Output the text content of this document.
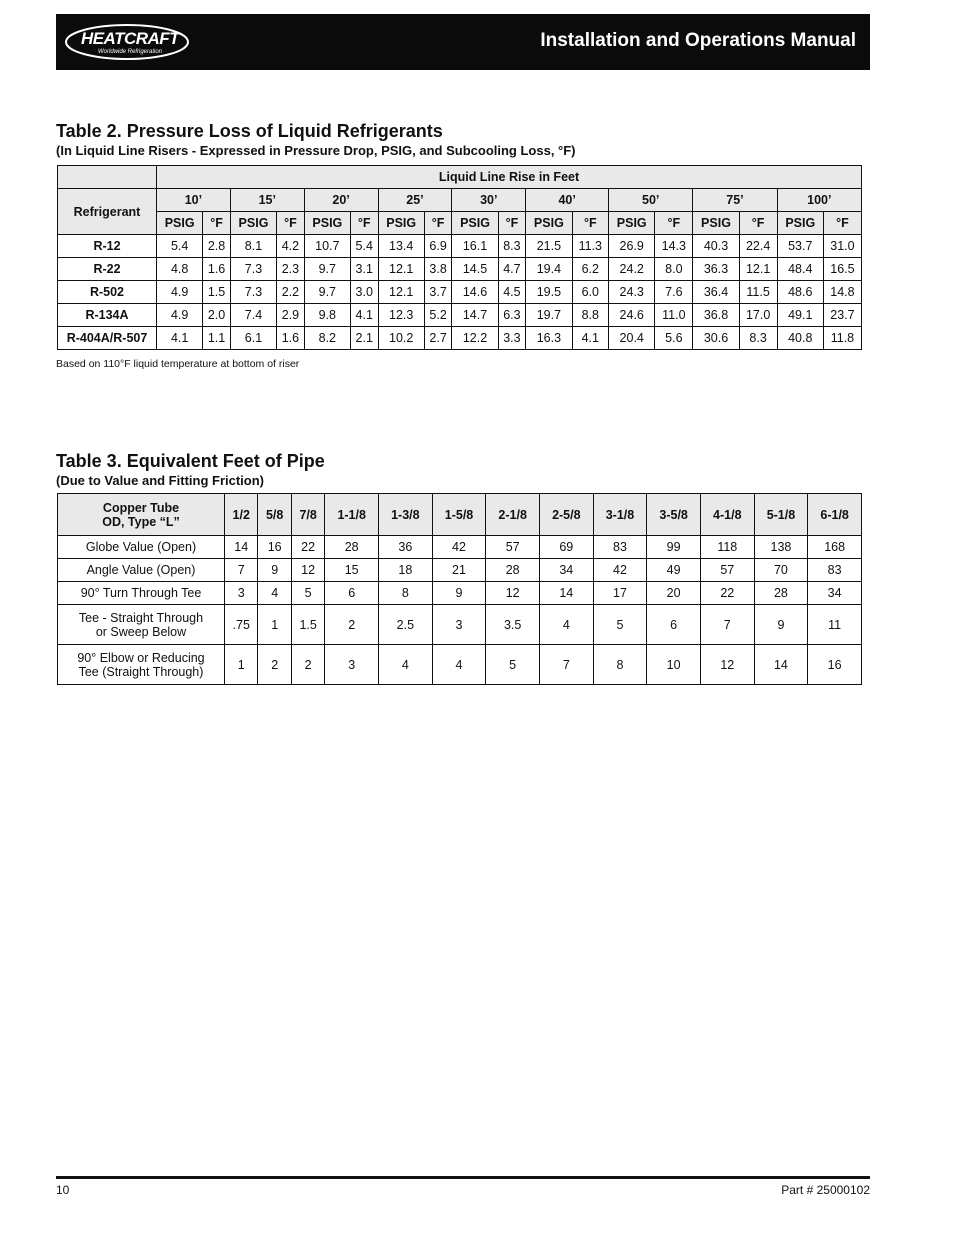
HEATCRAFT
Worldwide Refrigeration
Installation and Operations Manual
Table 2. Pressure Loss of Liquid Refrigerants
(In Liquid Line Risers - Expressed in Pressure Drop, PSIG, and Subcooling Loss, °F)
	Liquid Line Rise in Feet																	
Refrigerant	10’		15’		20’		25’		30’		40’		50’		75’		100’	
	PSIG	°F	PSIG	°F	PSIG	°F	PSIG	°F	PSIG	°F	PSIG	°F	PSIG	°F	PSIG	°F	PSIG	°F
R-12	5.4	2.8	8.1	4.2	10.7	5.4	13.4	6.9	16.1	8.3	21.5	11.3	26.9	14.3	40.3	22.4	53.7	31.0
R-22	4.8	1.6	7.3	2.3	9.7	3.1	12.1	3.8	14.5	4.7	19.4	6.2	24.2	8.0	36.3	12.1	48.4	16.5
R-502	4.9	1.5	7.3	2.2	9.7	3.0	12.1	3.7	14.6	4.5	19.5	6.0	24.3	7.6	36.4	11.5	48.6	14.8
R-134A	4.9	2.0	7.4	2.9	9.8	4.1	12.3	5.2	14.7	6.3	19.7	8.8	24.6	11.0	36.8	17.0	49.1	23.7
R-404A/R-507	4.1	1.1	6.1	1.6	8.2	2.1	10.2	2.7	12.2	3.3	16.3	4.1	20.4	5.6	30.6	8.3	40.8	11.8
Based on 110°F liquid temperature at bottom of riser
Table 3. Equivalent Feet of Pipe
(Due to Value and Fitting Friction)
Copper Tube
OD, Type “L”	1/2	5/8	7/8	1-1/8	1-3/8	1-5/8	2-1/8	2-5/8	3-1/8	3-5/8	4-1/8	5-1/8	6-1/8

Globe Value (Open)	14	16	22	28	36	42	57	69	83	99	118	138	168

Angle Value (Open)	7	9	12	15	18	21	28	34	42	49	57	70	83

90° Turn Through Tee	3	4	5	6	8	9	12	14	17	20	22	28	34

Tee - Straight Through
or Sweep Below	.75	1	1.5	2	2.5	3	3.5	4	5	6	7	9	11

90° Elbow or Reducing
Tee (Straight Through)	1	2	2	3	4	4	5	7	8	10	12	14	16
10	Part # 25000102
